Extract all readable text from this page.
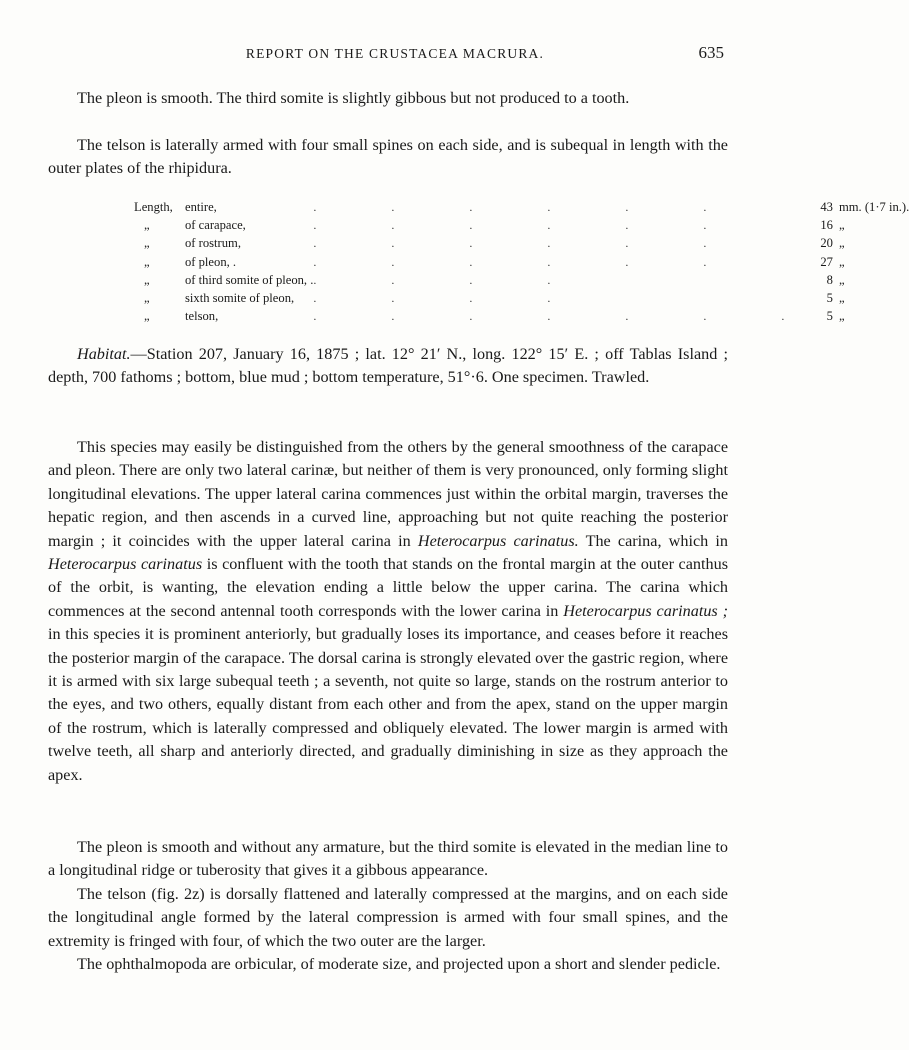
REPORT ON THE CRUSTACEA MACRURA.	635

The pleon is smooth. The third somite is slightly gibbous but not produced to a tooth.

The telson is laterally armed with four small spines on each side, and is subequal in length with the outer plates of the rhipidura.

Length, entire,	. . . . . .	43	mm. (1·7 in.).
„ of carapace,	. . . . . .	16	„
„ of rostrum,	. . . . . .	20	„
„ of pleon, .	. . . . . .	27	„
„ of third somite of pleon, .	. . . .	8	„
„ sixth somite of pleon,	. . . .	5	„
„ telson,	. . . . . . .	5	„

Habitat.—Station 207, January 16, 1875 ; lat. 12° 21′ N., long. 122° 15′ E. ; off Tablas Island ; depth, 700 fathoms ; bottom, blue mud ; bottom temperature, 51°·6. One specimen. Trawled.

This species may easily be distinguished from the others by the general smoothness of the carapace and pleon. There are only two lateral carinæ, but neither of them is very pronounced, only forming slight longitudinal elevations. The upper lateral carina commences just within the orbital margin, traverses the hepatic region, and then ascends in a curved line, approaching but not quite reaching the posterior margin ; it coincides with the upper lateral carina in Heterocarpus carinatus. The carina, which in Heterocarpus carinatus is confluent with the tooth that stands on the frontal margin at the outer canthus of the orbit, is wanting, the elevation ending a little below the upper carina. The carina which commences at the second antennal tooth corresponds with the lower carina in Heterocarpus carinatus ; in this species it is prominent anteriorly, but gradually loses its importance, and ceases before it reaches the posterior margin of the carapace. The dorsal carina is strongly elevated over the gastric region, where it is armed with six large subequal teeth ; a seventh, not quite so large, stands on the rostrum anterior to the eyes, and two others, equally distant from each other and from the apex, stand on the upper margin of the rostrum, which is laterally compressed and obliquely elevated. The lower margin is armed with twelve teeth, all sharp and anteriorly directed, and gradually diminishing in size as they approach the apex.

The pleon is smooth and without any armature, but the third somite is elevated in the median line to a longitudinal ridge or tuberosity that gives it a gibbous appearance.

The telson (fig. 2z) is dorsally flattened and laterally compressed at the margins, and on each side the longitudinal angle formed by the lateral compression is armed with four small spines, and the extremity is fringed with four, of which the two outer are the larger.

The ophthalmopoda are orbicular, of moderate size, and projected upon a short and slender pedicle.
